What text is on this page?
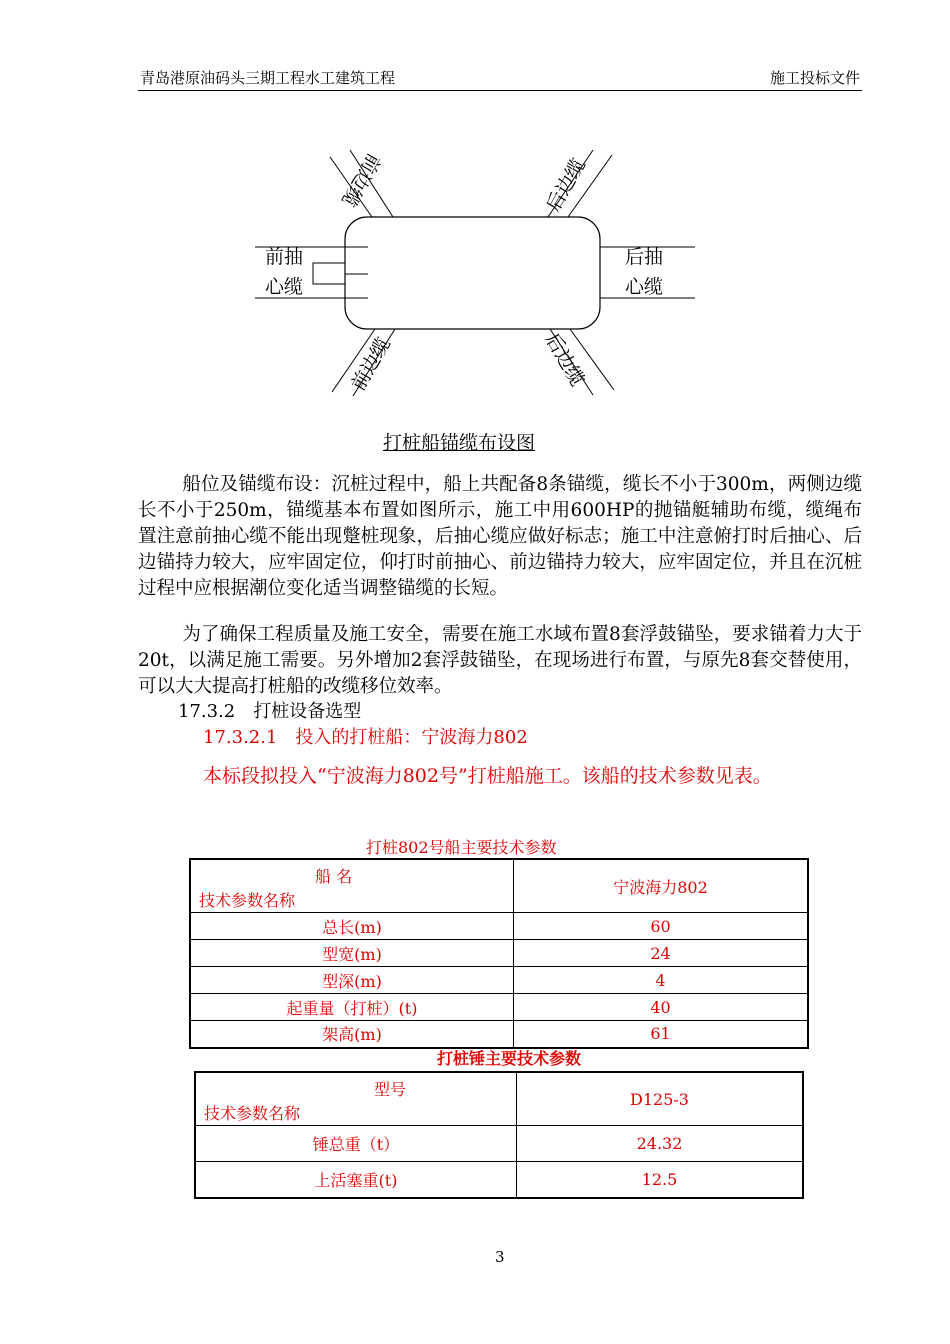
青岛港原油码头三期工程水工建筑工程	施工投标文件
前边缆	后边缆
前抽
心缆
后抽
心缆
前边缆	后边缆
打桩船锚缆布设图

船位及锚缆布设：沉桩过程中，船上共配备8条锚缆，缆长不小于300m，两侧边缆长不小于250m，锚缆基本布置如图所示，施工中用600HP的抛锚艇辅助布缆，缆绳布置注意前抽心缆不能出现蹩桩现象，后抽心缆应做好标志；施工中注意俯打时后抽心、后边锚持力较大，应牢固定位，仰打时前抽心、前边锚持力较大，应牢固定位，并且在沉桩过程中应根据潮位变化适当调整锚缆的长短。

为了确保工程质量及施工安全，需要在施工水域布置8套浮鼓锚坠，要求锚着力大于20t，以满足施工需要。另外增加2套浮鼓锚坠，在现场进行布置，与原先8套交替使用，可以大大提高打桩船的改缆移位效率。

17.3.2　打桩设备选型
17.3.2.1　投入的打桩船：宁波海力802
本标段拟投入“宁波海力802号”打桩船施工。该船的技术参数见表。
打桩802号船主要技术参数
船 名
技术参数名称	宁波海力802
总长(m)	60
型宽(m)	24
型深(m)	4
起重量（打桩）(t)	40
架高(m)	61
打桩锤主要技术参数
型号
技术参数名称	D125-3
锤总重（t）	24.32
上活塞重(t)	12.5
3
